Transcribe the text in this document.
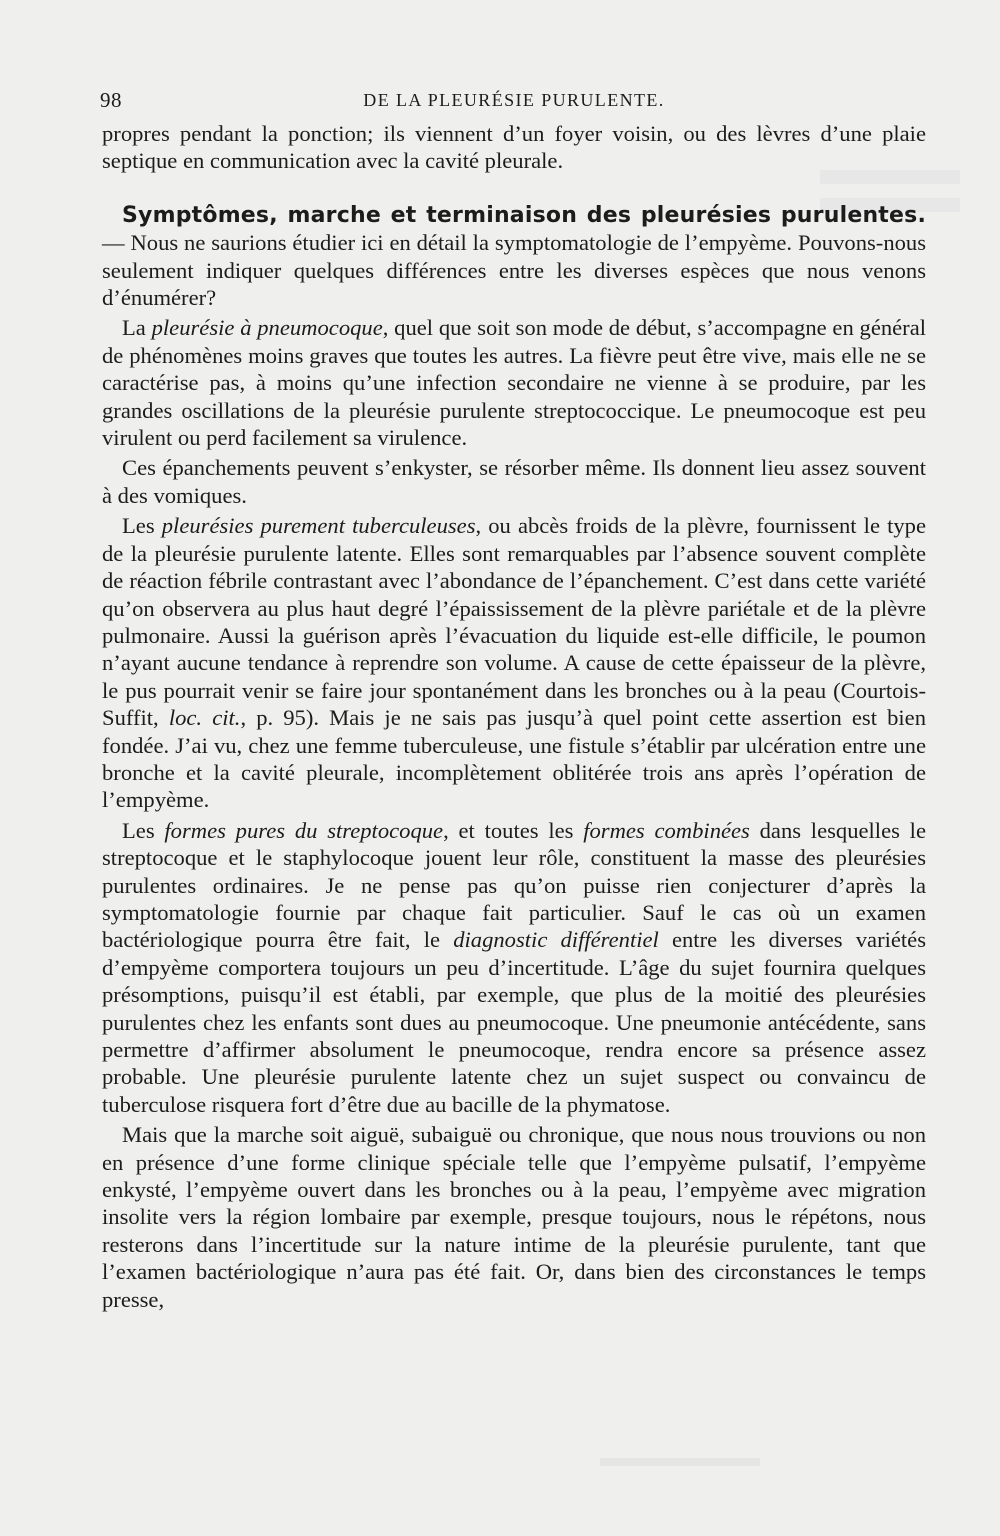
98	DE LA PLEURÉSIE PURULENTE.

propres pendant la ponction; ils viennent d’un foyer voisin, ou des lèvres d’une plaie septique en communication avec la cavité pleurale.

Symptômes, marche et terminaison des pleurésies purulentes. — Nous ne saurions étudier ici en détail la symptomatologie de l’empyème. Pouvons-nous seulement indiquer quelques différences entre les diverses espèces que nous venons d’énumérer?

La pleurésie à pneumocoque, quel que soit son mode de début, s’accompagne en général de phénomènes moins graves que toutes les autres. La fièvre peut être vive, mais elle ne se caractérise pas, à moins qu’une infection secondaire ne vienne à se produire, par les grandes oscillations de la pleurésie purulente streptococcique. Le pneumocoque est peu virulent ou perd facilement sa virulence.

Ces épanchements peuvent s’enkyster, se résorber même. Ils donnent lieu assez souvent à des vomiques.

Les pleurésies purement tuberculeuses, ou abcès froids de la plèvre, fournissent le type de la pleurésie purulente latente. Elles sont remarquables par l’absence souvent complète de réaction fébrile contrastant avec l’abondance de l’épanchement. C’est dans cette variété qu’on observera au plus haut degré l’épaississement de la plèvre pariétale et de la plèvre pulmonaire. Aussi la guérison après l’évacuation du liquide est-elle difficile, le poumon n’ayant aucune tendance à reprendre son volume. A cause de cette épaisseur de la plèvre, le pus pourrait venir se faire jour spontanément dans les bronches ou à la peau (Courtois-Suffit, loc. cit., p. 95). Mais je ne sais pas jusqu’à quel point cette assertion est bien fondée. J’ai vu, chez une femme tuberculeuse, une fistule s’établir par ulcération entre une bronche et la cavité pleurale, incomplètement oblitérée trois ans après l’opération de l’empyème.

Les formes pures du streptocoque, et toutes les formes combinées dans lesquelles le streptocoque et le staphylocoque jouent leur rôle, constituent la masse des pleurésies purulentes ordinaires. Je ne pense pas qu’on puisse rien conjecturer d’après la symptomatologie fournie par chaque fait particulier. Sauf le cas où un examen bactériologique pourra être fait, le diagnostic différentiel entre les diverses variétés d’empyème comportera toujours un peu d’incertitude. L’âge du sujet fournira quelques présomptions, puisqu’il est établi, par exemple, que plus de la moitié des pleurésies purulentes chez les enfants sont dues au pneumocoque. Une pneumonie antécédente, sans permettre d’affirmer absolument le pneumocoque, rendra encore sa présence assez probable. Une pleurésie purulente latente chez un sujet suspect ou convaincu de tuberculose risquera fort d’être due au bacille de la phymatose.

Mais que la marche soit aiguë, subaiguë ou chronique, que nous nous trouvions ou non en présence d’une forme clinique spéciale telle que l’empyème pulsatif, l’empyème enkysté, l’empyème ouvert dans les bronches ou à la peau, l’empyème avec migration insolite vers la région lombaire par exemple, presque toujours, nous le répétons, nous resterons dans l’incertitude sur la nature intime de la pleurésie purulente, tant que l’examen bactériologique n’aura pas été fait. Or, dans bien des circonstances le temps presse,
